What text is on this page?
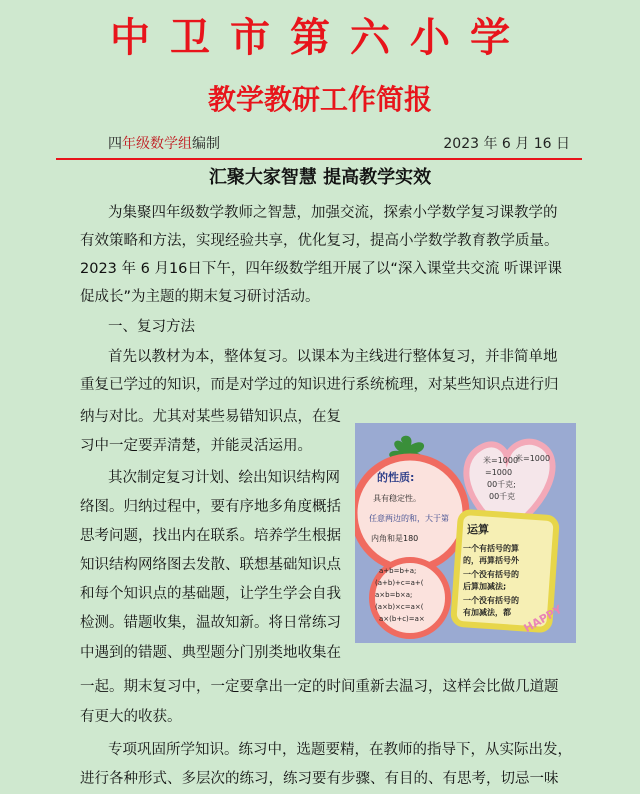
中卫市第六小学
教学教研工作简报
四年级数学组编制	2023 年 6 月 16 日
汇聚大家智慧 提高教学实效

为集聚四年级数学教师之智慧，加强交流，探索小学数学复习课教学的

有效策略和方法，实现经验共享，优化复习，提高小学数学教育教学质量。

2023 年 6 月16日下午，四年级数学组开展了以“深入课堂共交流 听课评课

促成长”为主题的期末复习研讨活动。

一、复习方法

首先以教材为本，整体复习。以课本为主线进行整体复习，并非简单地

重复已学过的知识，而是对学过的知识进行系统梳理，对某些知识点进行归

纳与对比。尤其对某些易错知识点，在复

习中一定要弄清楚，并能灵活运用。

其次制定复习计划、绘出知识结构网

络图。归纳过程中，要有序地多角度概括

思考问题，找出内在联系。培养学生根据

知识结构网络图去发散、联想基础知识点

和每个知识点的基础题，让学生学会自我

检测。错题收集，温故知新。将日常练习

中遇到的错题、典型题分门别类地收集在

一起。期末复习中，一定要拿出一定的时间重新去温习，这样会比做几道题

有更大的收获。

专项巩固所学知识。练习中，选题要精，在教师的指导下，从实际出发，

进行各种形式、多层次的练习，练习要有步骤、有目的、有思考，切忌一味

米=1000
米=1000
=1000
00千克;
00千克
的性质:
具有稳定性。
任意两边的和，大于第
内角和是180
a+b=b+a;
(a+b)+c=a+(
a×b=b×a;
(a×b)×c=a×(
a×(b+c)=a×
运算
一个有括号的算
的，再算括号外
一个没有括号的
后算加减法;
一个没有括号的
有加减法，都 HAPPY
